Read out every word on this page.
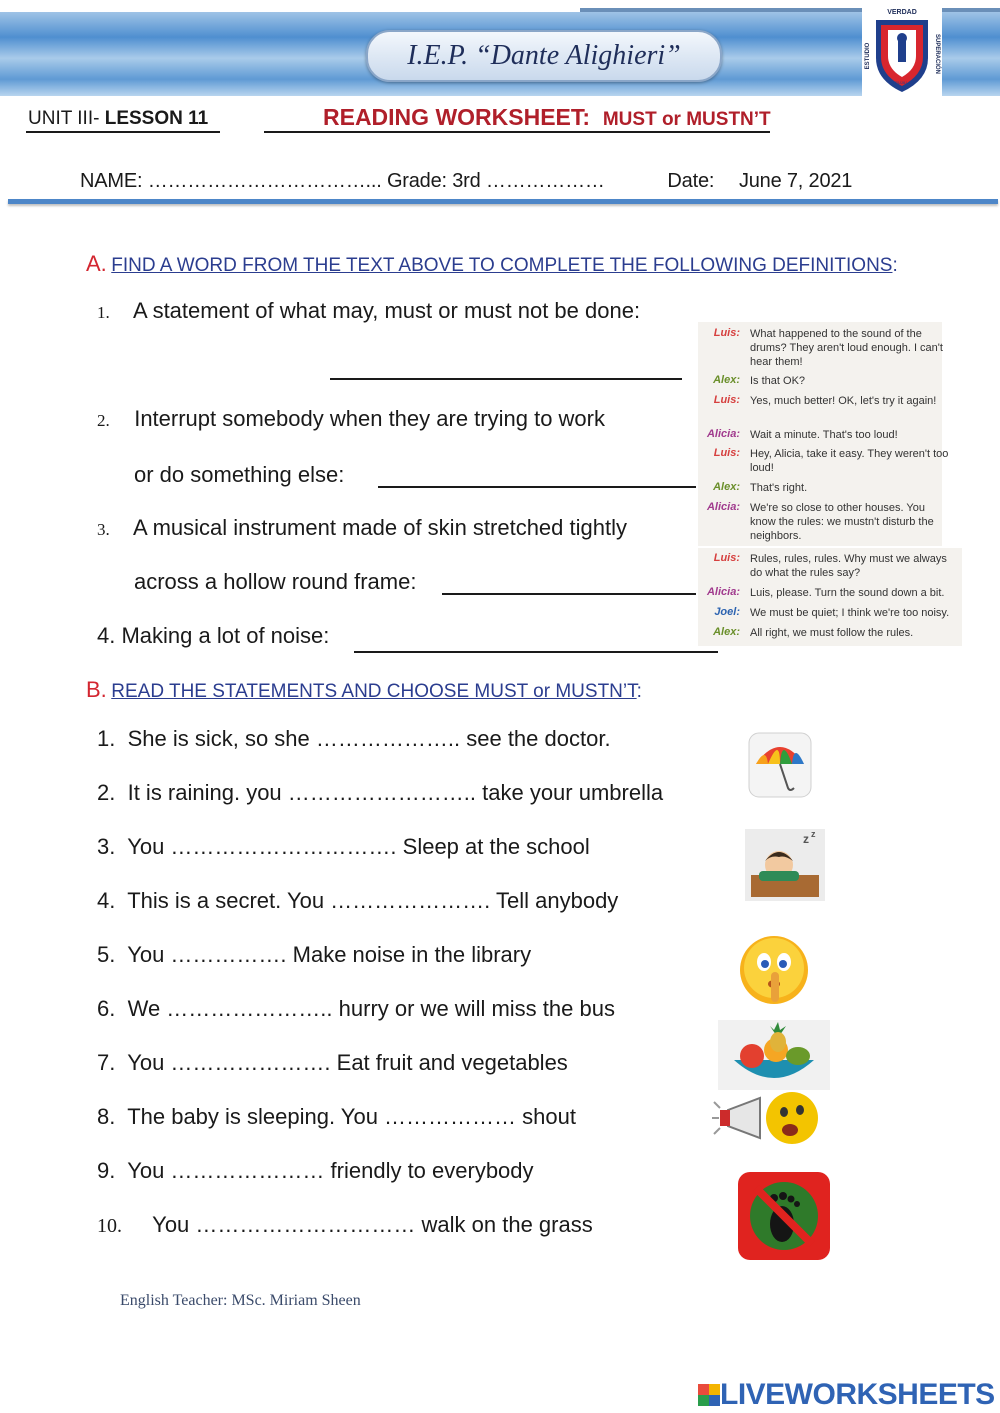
I.E.P. “Dante Alighieri”
VERDAD
ESTUDIO	SUPERACIÓN
TRUJILLO
UNIT III- LESSON 11	READING WORKSHEET: MUST or MUSTN’T
NAME: ……………………………... Grade: 3rd ………………	Date: June 7, 2021
A. FIND A WORD FROM THE TEXT ABOVE TO COMPLETE THE FOLLOWING DEFINITIONS:
1. A statement of what may, must or must not be done:
2. Interrupt somebody when they are trying to work
or do something else:
3. A musical instrument made of skin stretched tightly
across a hollow round frame:
4. Making a lot of noise:
Luis: What happened to the sound of the drums? They aren't loud enough. I can't hear them!
Alex: Is that OK?
Luis: Yes, much better! OK, let's try it again!
Alicia: Wait a minute. That's too loud!
Luis: Hey, Alicia, take it easy. They weren't too loud!
Alex: That's right.
Alicia: We're so close to other houses. You know the rules: we mustn't disturb the neighbors.
Luis: Rules, rules, rules. Why must we always do what the rules say?
Alicia: Luis, please. Turn the sound down a bit.
Joel: We must be quiet; I think we're too noisy.
Alex: All right, we must follow the rules.
B. READ THE STATEMENTS AND CHOOSE MUST or MUSTN’T:
1. She is sick, so she ……………….. see the doctor.
2. It is raining. you …………………….. take your umbrella
3. You …………………………. Sleep at the school
4. This is a secret. You …………………. Tell anybody
5. You ……………. Make noise in the library
6. We ………………….. hurry or we will miss the bus
7. You …………………. Eat fruit and vegetables
8. The baby is sleeping. You ……………… shout
9. You ………………… friendly to everybody
10. You ………………………… walk on the grass
z z
English Teacher: MSc. Miriam Sheen
LIVEWORKSHEETS
